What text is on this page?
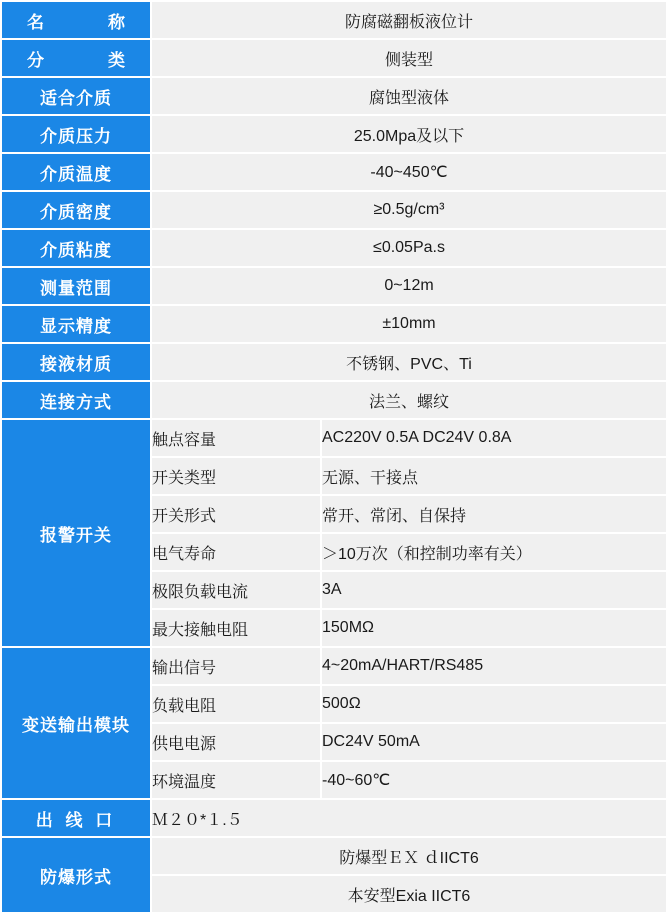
名　　称	防腐磁翻板液位计	
分　　类	侧装型	
适合介质	腐蚀型液体	
介质压力	25.0Mpa及以下	
介质温度	-40~450℃	
介质密度	≥0.5g/cm³	
介质粘度	≤0.05Pa.s	
测量范围	0~12m	
显示精度	±10mm	
接液材质	不锈钢、PVC、Ti	
连接方式	法兰、螺纹	
报警开关	触点容量	AC220V 0.5A DC24V 0.8A
	开关类型	无源、干接点
	开关形式	常开、常闭、自保持
	电气寿命	＞10万次（和控制功率有关）
	极限负载电流	3A
	最大接触电阻	150MΩ
变送输出模块	输出信号	4~20mA/HART/RS485
	负载电阻	500Ω
	供电电源	DC24V 50mA
	环境温度	-40~60℃
出 线 口	Ｍ２０*１.５	
防爆形式	防爆型ＥＸ ｄIICT6	
	本安型Exia IICT6	
